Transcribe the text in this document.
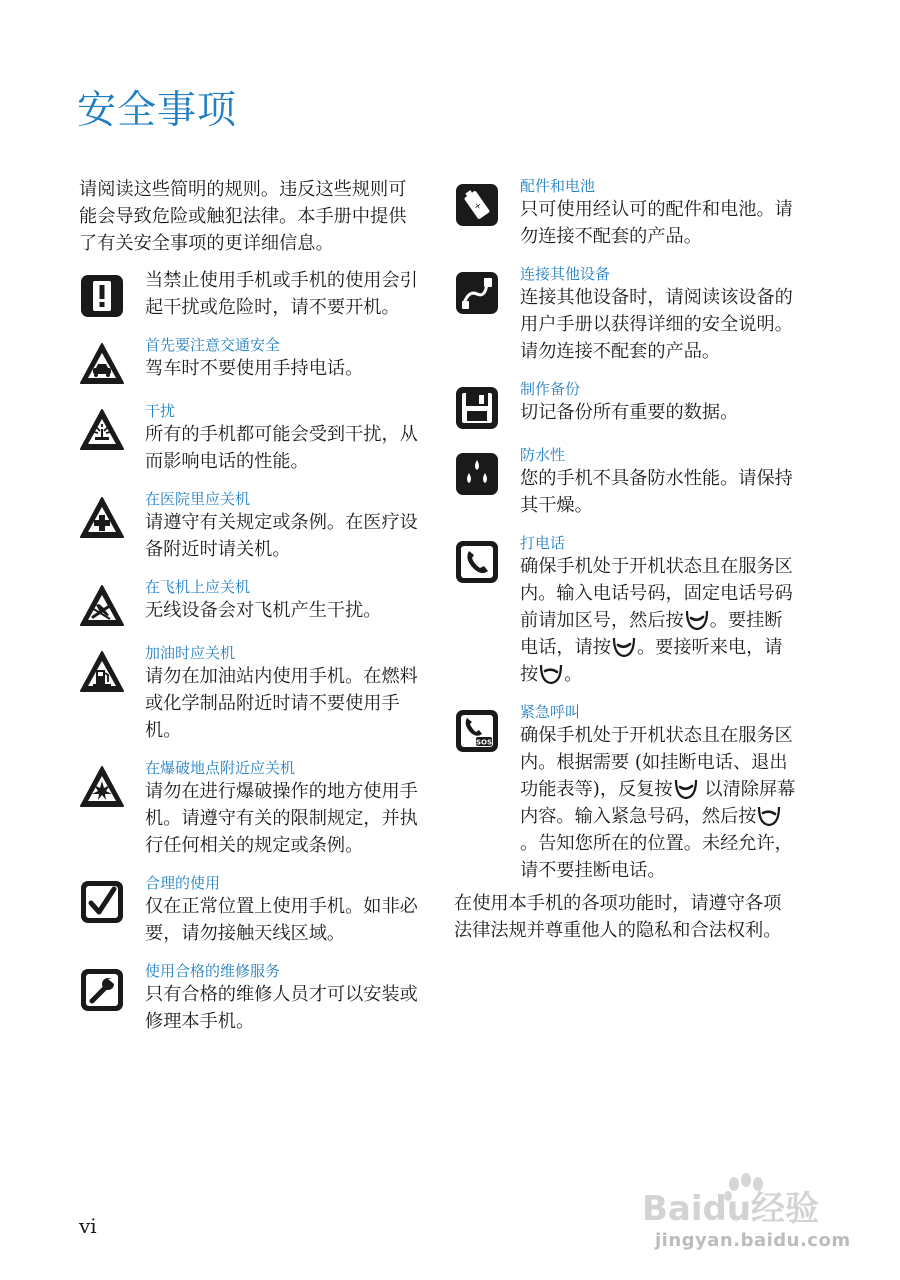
安全事项
请阅读这些简明的规则。违反这些规则可能会导致危险或触犯法律。本手册中提供了有关安全事项的更详细信息。
当禁止使用手机或手机的使用会引起干扰或危险时，请不要开机。
首先要注意交通安全
驾车时不要使用手持电话。
干扰
所有的手机都可能会受到干扰，从而影响电话的性能。
在医院里应关机
请遵守有关规定或条例。在医疗设备附近时请关机。
在飞机上应关机
无线设备会对飞机产生干扰。
加油时应关机
请勿在加油站内使用手机。在燃料或化学制品附近时请不要使用手机。
在爆破地点附近应关机
请勿在进行爆破操作的地方使用手机。请遵守有关的限制规定，并执行任何相关的规定或条例。
合理的使用
仅在正常位置上使用手机。如非必要，请勿接触天线区域。
使用合格的维修服务
只有合格的维修人员才可以安装或修理本手机。
+
配件和电池
只可使用经认可的配件和电池。请勿连接不配套的产品。
连接其他设备
连接其他设备时，请阅读该设备的用户手册以获得详细的安全说明。请勿连接不配套的产品。
制作备份
切记备份所有重要的数据。
防水性
您的手机不具备防水性能。请保持其干燥。
打电话
确保手机处于开机状态且在服务区内。输入电话号码，固定电话号码前请加区号，然后按 。要挂断电话，请按 。要接听来电，请按 。
SOS
紧急呼叫
确保手机处于开机状态且在服务区内。根据需要 (如挂断电话、退出功能表等)，反复按
以清除屏幕内容。输入紧急号码，然后按
。告知您所在的位置。未经允许，请不要挂断电话。
在使用本手机的各项功能时，请遵守各项法律法规并尊重他人的隐私和合法权利。
vi	Baidu经验
jingyan.baidu.com
